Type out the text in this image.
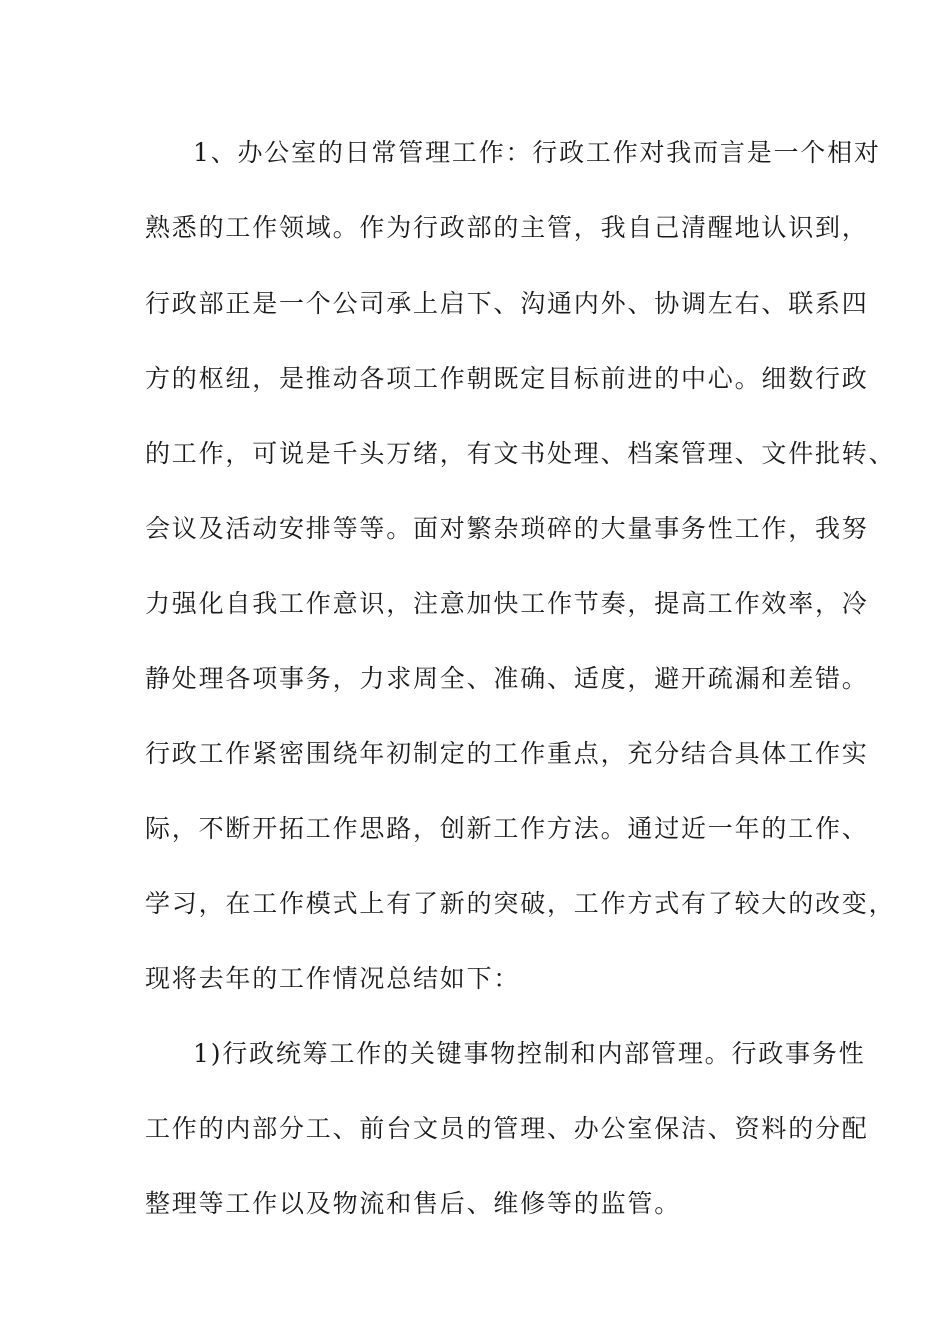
1、办公室的日常管理工作：行政工作对我而言是一个相对
熟悉的工作领域。作为行政部的主管，我自己清醒地认识到，
行政部正是一个公司承上启下、沟通内外、协调左右、联系四
方的枢纽，是推动各项工作朝既定目标前进的中心。细数行政
的工作，可说是千头万绪，有文书处理、档案管理、文件批转、
会议及活动安排等等。面对繁杂琐碎的大量事务性工作，我努
力强化自我工作意识，注意加快工作节奏，提高工作效率，冷
静处理各项事务，力求周全、准确、适度，避开疏漏和差错。
行政工作紧密围绕年初制定的工作重点，充分结合具体工作实
际，不断开拓工作思路，创新工作方法。通过近一年的工作、
学习，在工作模式上有了新的突破，工作方式有了较大的改变，
现将去年的工作情况总结如下：
1)行政统筹工作的关键事物控制和内部管理。行政事务性
工作的内部分工、前台文员的管理、办公室保洁、资料的分配
整理等工作以及物流和售后、维修等的监管。
